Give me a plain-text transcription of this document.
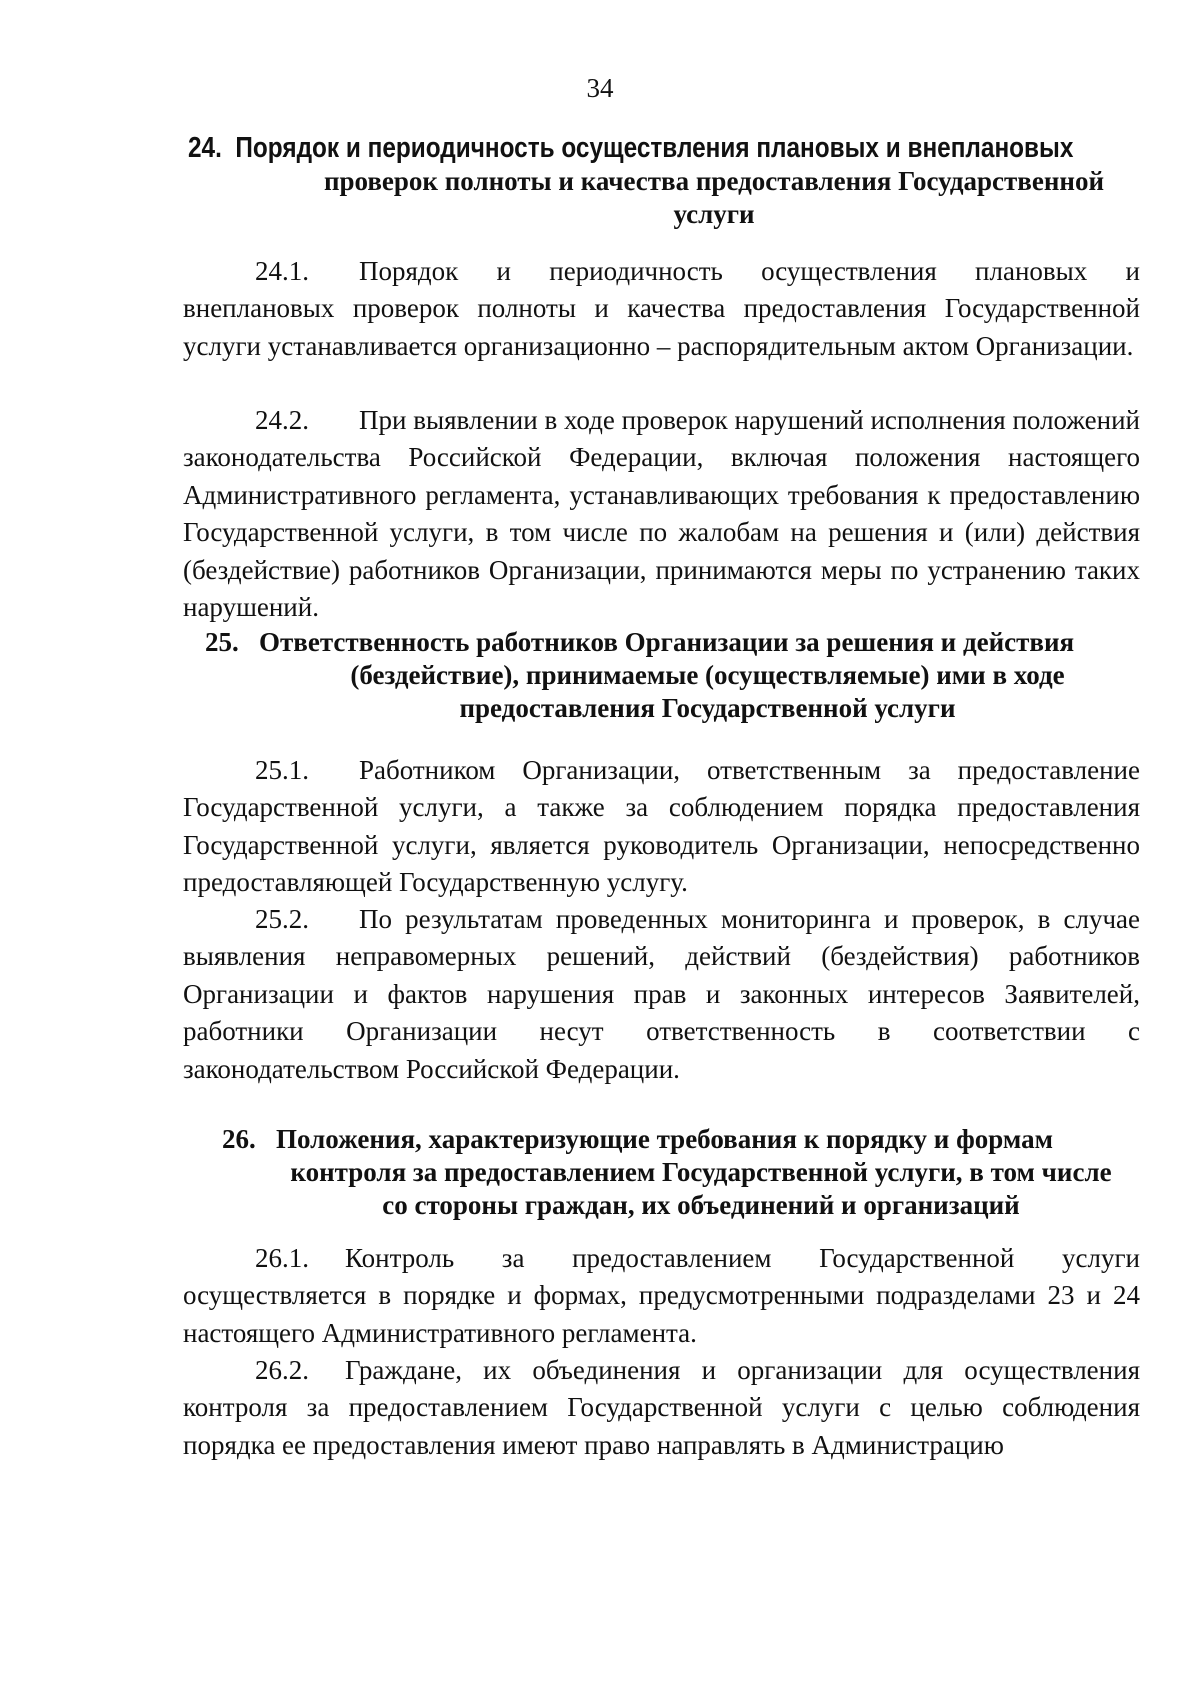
34
24. Порядок и периодичность осуществления плановых и внеплановых
проверок полноты и качества предоставления Государственной
услуги
24.1. Порядок и периодичность осуществления плановых и внеплановых проверок полноты и качества предоставления Государственной услуги устанавливается организационно – распорядительным актом Организации.
24.2. При выявлении в ходе проверок нарушений исполнения положений законодательства Российской Федерации, включая положения настоящего Административного регламента, устанавливающих требования к предоставлению Государственной услуги, в том числе по жалобам на решения и (или) действия (бездействие) работников Организации, принимаются меры по устранению таких нарушений.
25. Ответственность работников Организации за решения и действия
(бездействие), принимаемые (осуществляемые) ими в ходе
предоставления Государственной услуги
25.1. Работником Организации, ответственным за предоставление Государственной услуги, а также за соблюдением порядка предоставления Государственной услуги, является руководитель Организации, непосредственно предоставляющей Государственную услугу.
25.2. По результатам проведенных мониторинга и проверок, в случае выявления неправомерных решений, действий (бездействия) работников Организации и фактов нарушения прав и законных интересов Заявителей, работники Организации несут ответственность в соответствии с законодательством Российской Федерации.
26. Положения, характеризующие требования к порядку и формам
контроля за предоставлением Государственной услуги, в том числе
со стороны граждан, их объединений и организаций
26.1. Контроль за предоставлением Государственной услуги осуществляется в порядке и формах, предусмотренными подразделами 23 и 24 настоящего Административного регламента.
26.2. Граждане, их объединения и организации для осуществления контроля за предоставлением Государственной услуги с целью соблюдения порядка ее предоставления имеют право направлять в Администрацию
